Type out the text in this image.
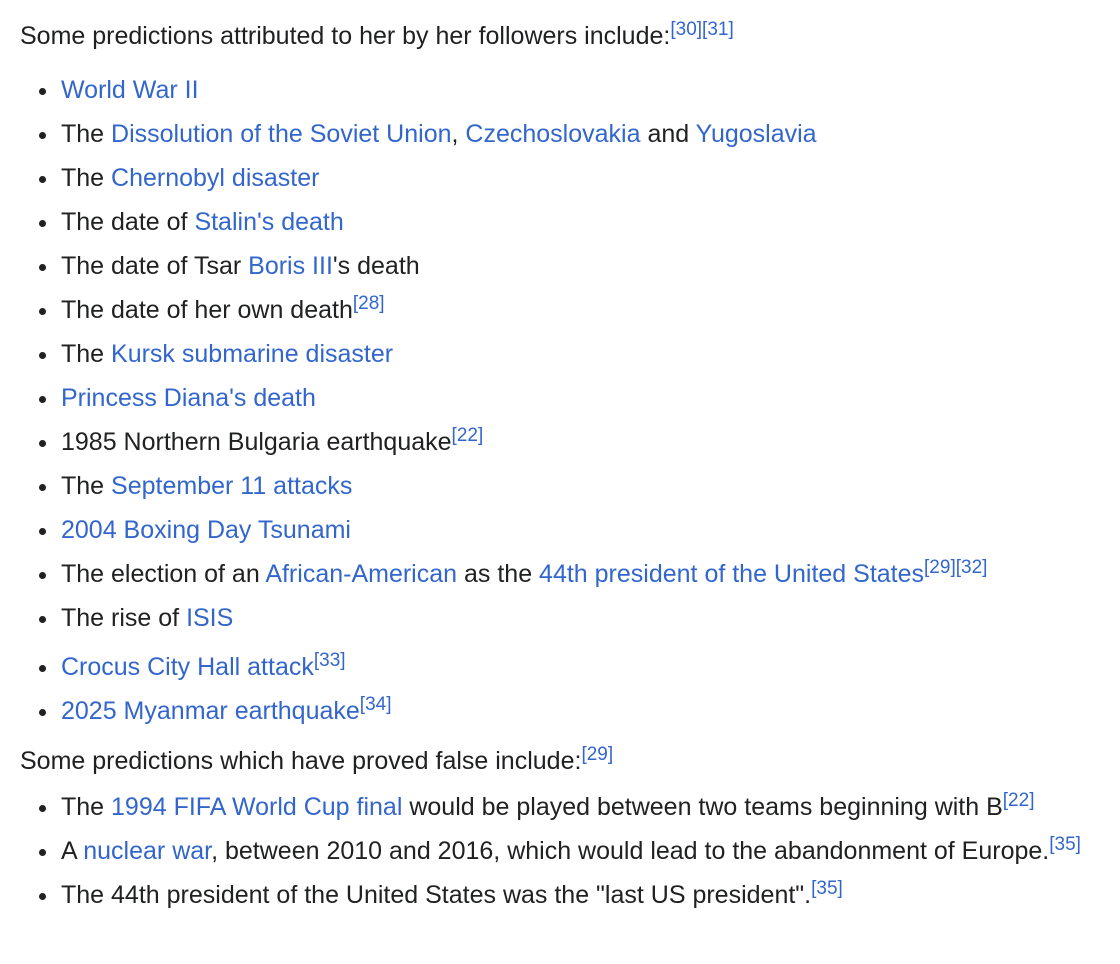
Some predictions attributed to her by her followers include:[30][31]

World War II
The Dissolution of the Soviet Union, Czechoslovakia and Yugoslavia
The Chernobyl disaster
The date of Stalin's death
The date of Tsar Boris III's death
The date of her own death[28]
The Kursk submarine disaster
Princess Diana's death
1985 Northern Bulgaria earthquake[22]
The September 11 attacks
2004 Boxing Day Tsunami
The election of an African-American as the 44th president of the United States[29][32]
The rise of ISIS
Crocus City Hall attack[33]
2025 Myanmar earthquake[34]

Some predictions which have proved false include:[29]

The 1994 FIFA World Cup final would be played between two teams beginning with B[22]
A nuclear war, between 2010 and 2016, which would lead to the abandonment of Europe.[35]
The 44th president of the United States was the "last US president".[35]
